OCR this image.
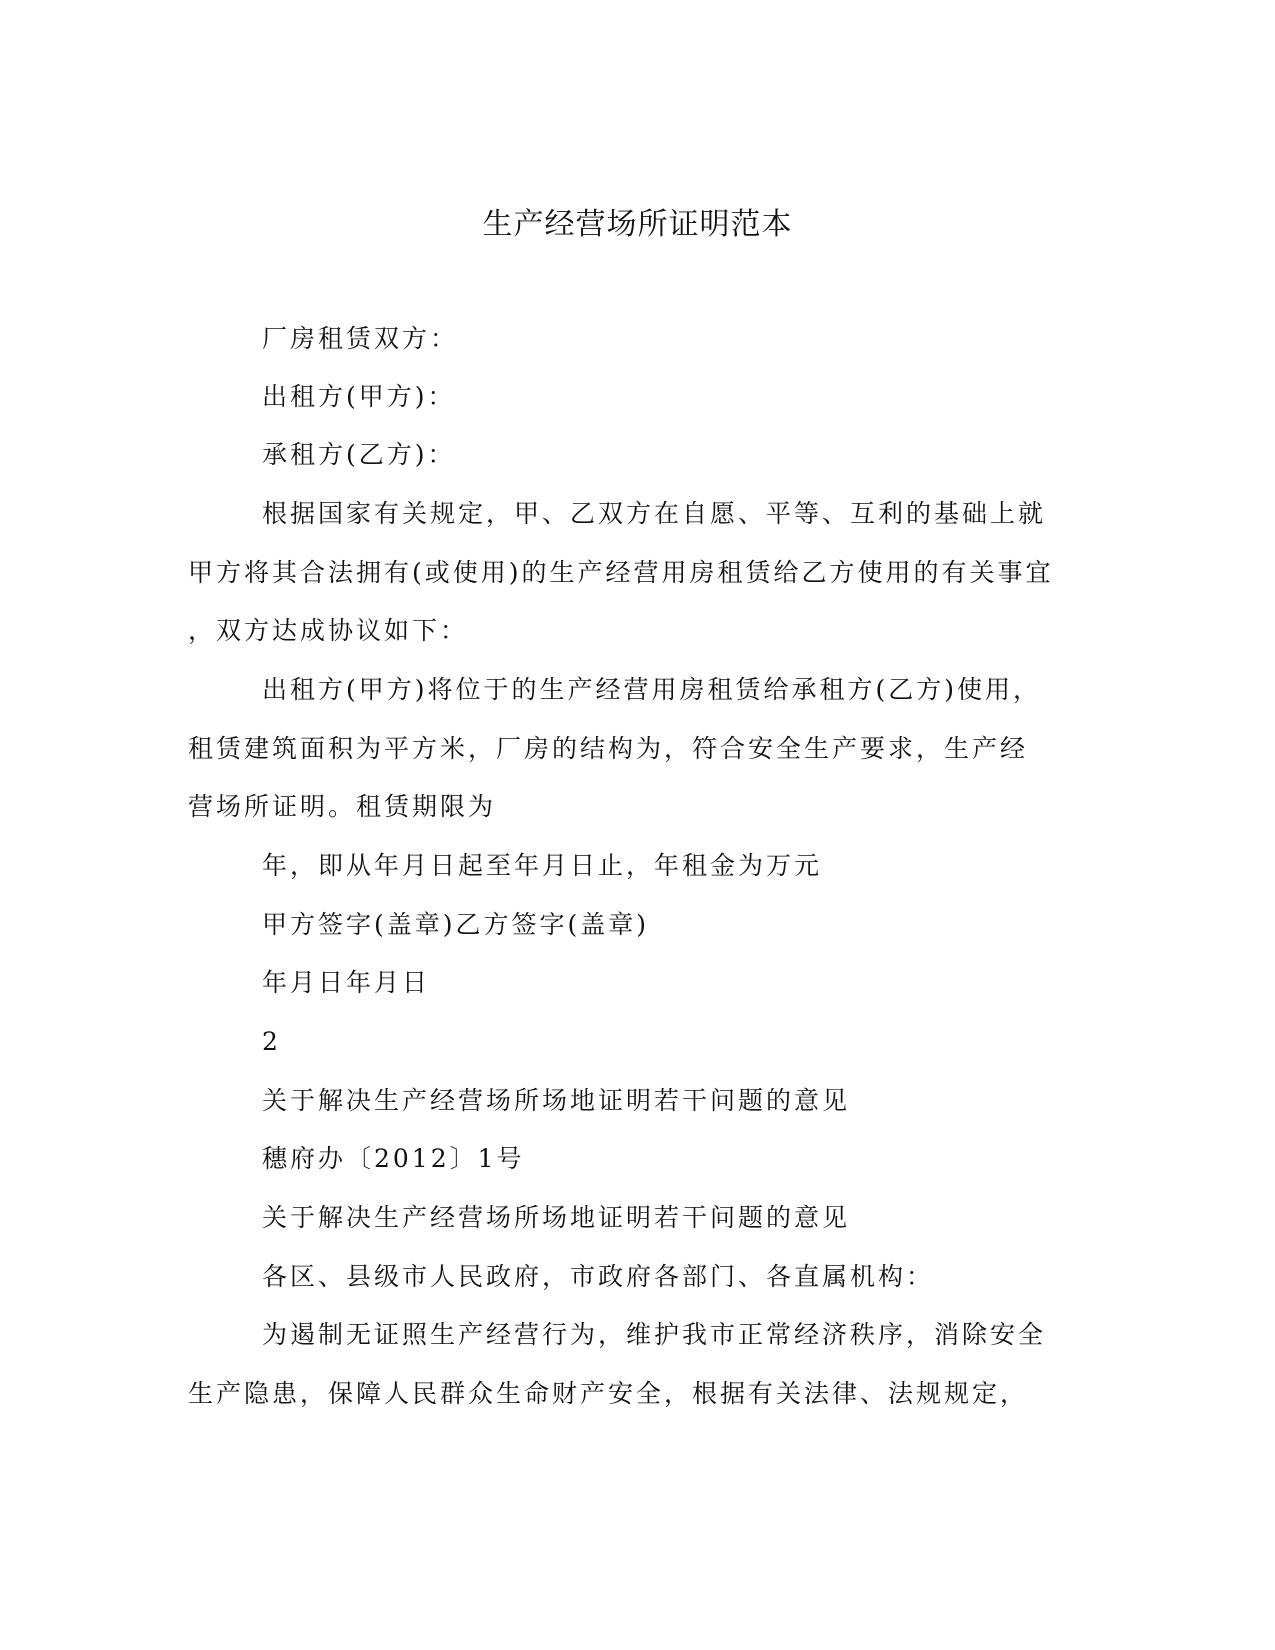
生产经营场所证明范本
厂房租赁双方：
出租方(甲方)：
承租方(乙方)：
根据国家有关规定，甲、乙双方在自愿、平等、互利的基础上就
甲方将其合法拥有(或使用)的生产经营用房租赁给乙方使用的有关事宜
，双方达成协议如下：
出租方(甲方)将位于的生产经营用房租赁给承租方(乙方)使用，
租赁建筑面积为平方米，厂房的结构为，符合安全生产要求，生产经
营场所证明。租赁期限为
年，即从年月日起至年月日止，年租金为万元
甲方签字(盖章)乙方签字(盖章)
年月日年月日
2
关于解决生产经营场所场地证明若干问题的意见
穗府办〔2012〕1号
关于解决生产经营场所场地证明若干问题的意见
各区、县级市人民政府，市政府各部门、各直属机构：
为遏制无证照生产经营行为，维护我市正常经济秩序，消除安全
生产隐患，保障人民群众生命财产安全，根据有关法律、法规规定，
